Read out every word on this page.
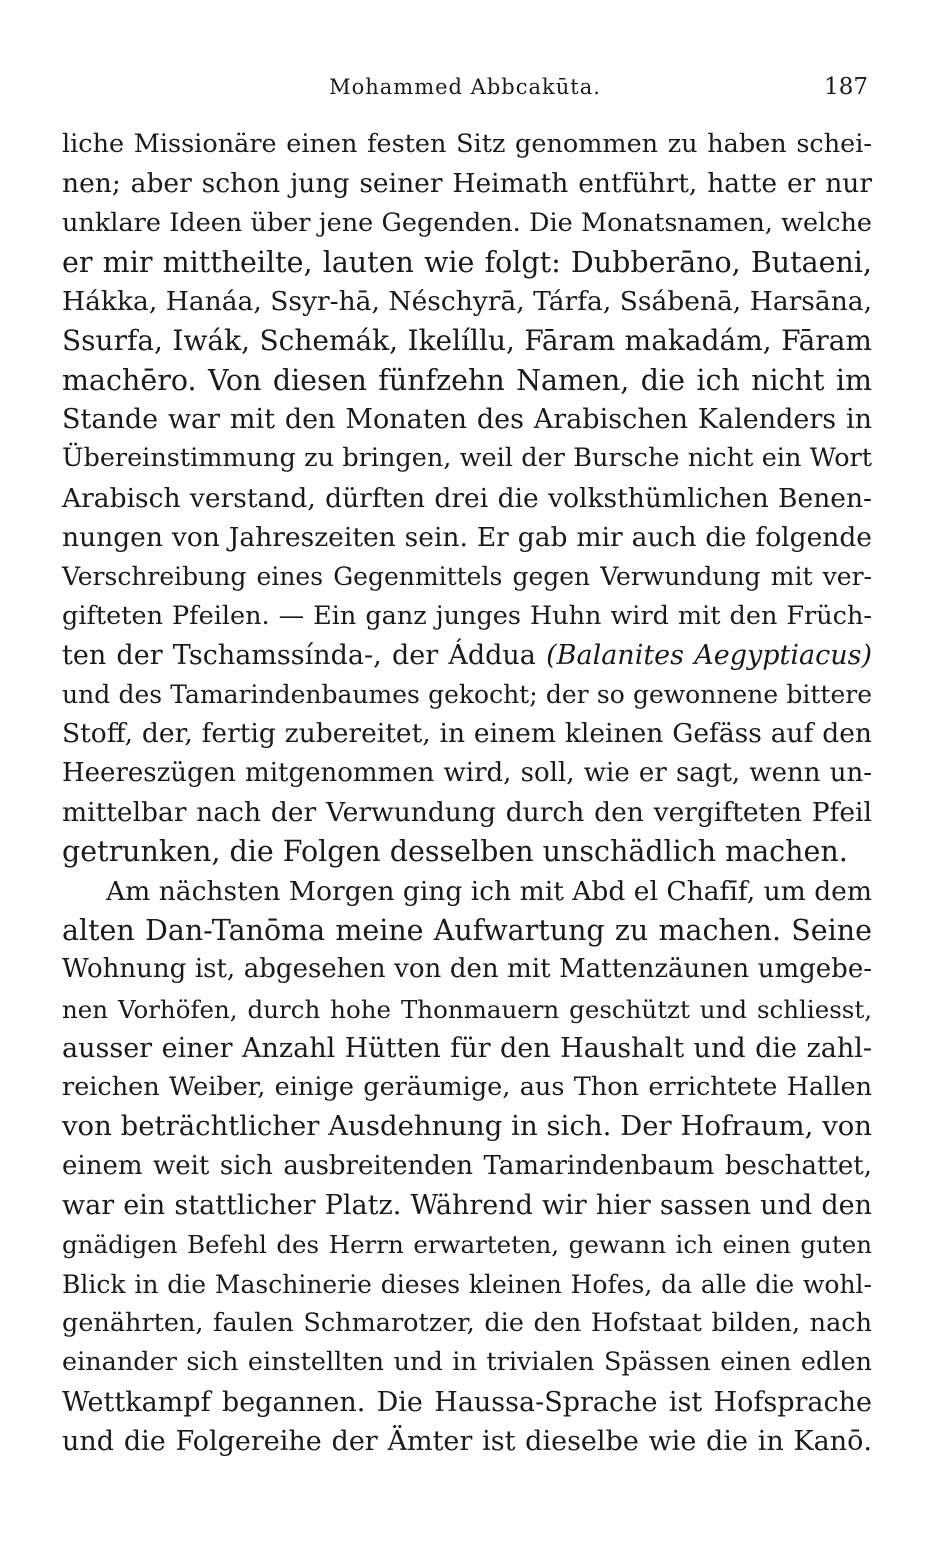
Mohammed Abbcakūta.	187
liche Missionäre einen festen Sitz genommen zu haben schei-
nen; aber schon jung seiner Heimath entführt, hatte er nur
unklare Ideen über jene Gegenden. Die Monatsnamen, welche
er mir mittheilte, lauten wie folgt: Dubberāno, Butaeni,
Hákka, Hanáa, Ssyr-hā, Néschyrā, Tárfa, Ssábenā, Harsāna,
Ssurfa, Iwák, Schemák, Ikelíllu, Fāram makadám, Fāram
machēro. Von diesen fünfzehn Namen, die ich nicht im
Stande war mit den Monaten des Arabischen Kalenders in
Übereinstimmung zu bringen, weil der Bursche nicht ein Wort
Arabisch verstand, dürften drei die volksthümlichen Benen-
nungen von Jahreszeiten sein. Er gab mir auch die folgende
Verschreibung eines Gegenmittels gegen Verwundung mit ver-
gifteten Pfeilen. — Ein ganz junges Huhn wird mit den Früch-
ten der Tschamssínda-, der Áddua (Balanites Aegyptiacus)
und des Tamarindenbaumes gekocht; der so gewonnene bittere
Stoff, der, fertig zubereitet, in einem kleinen Gefäss auf den
Heereszügen mitgenommen wird, soll, wie er sagt, wenn un-
mittelbar nach der Verwundung durch den vergifteten Pfeil
getrunken, die Folgen desselben unschädlich machen.
Am nächsten Morgen ging ich mit Abd el Chafīf, um dem
alten Dan-Tanōma meine Aufwartung zu machen. Seine
Wohnung ist, abgesehen von den mit Mattenzäunen umgebe-
nen Vorhöfen, durch hohe Thonmauern geschützt und schliesst,
ausser einer Anzahl Hütten für den Haushalt und die zahl-
reichen Weiber, einige geräumige, aus Thon errichtete Hallen
von beträchtlicher Ausdehnung in sich. Der Hofraum, von
einem weit sich ausbreitenden Tamarindenbaum beschattet,
war ein stattlicher Platz. Während wir hier sassen und den
gnädigen Befehl des Herrn erwarteten, gewann ich einen guten
Blick in die Maschinerie dieses kleinen Hofes, da alle die wohl-
genährten, faulen Schmarotzer, die den Hofstaat bilden, nach
einander sich einstellten und in trivialen Spässen einen edlen
Wettkampf begannen. Die Haussa-Sprache ist Hofsprache
und die Folgereihe der Ämter ist dieselbe wie die in Kanō.
